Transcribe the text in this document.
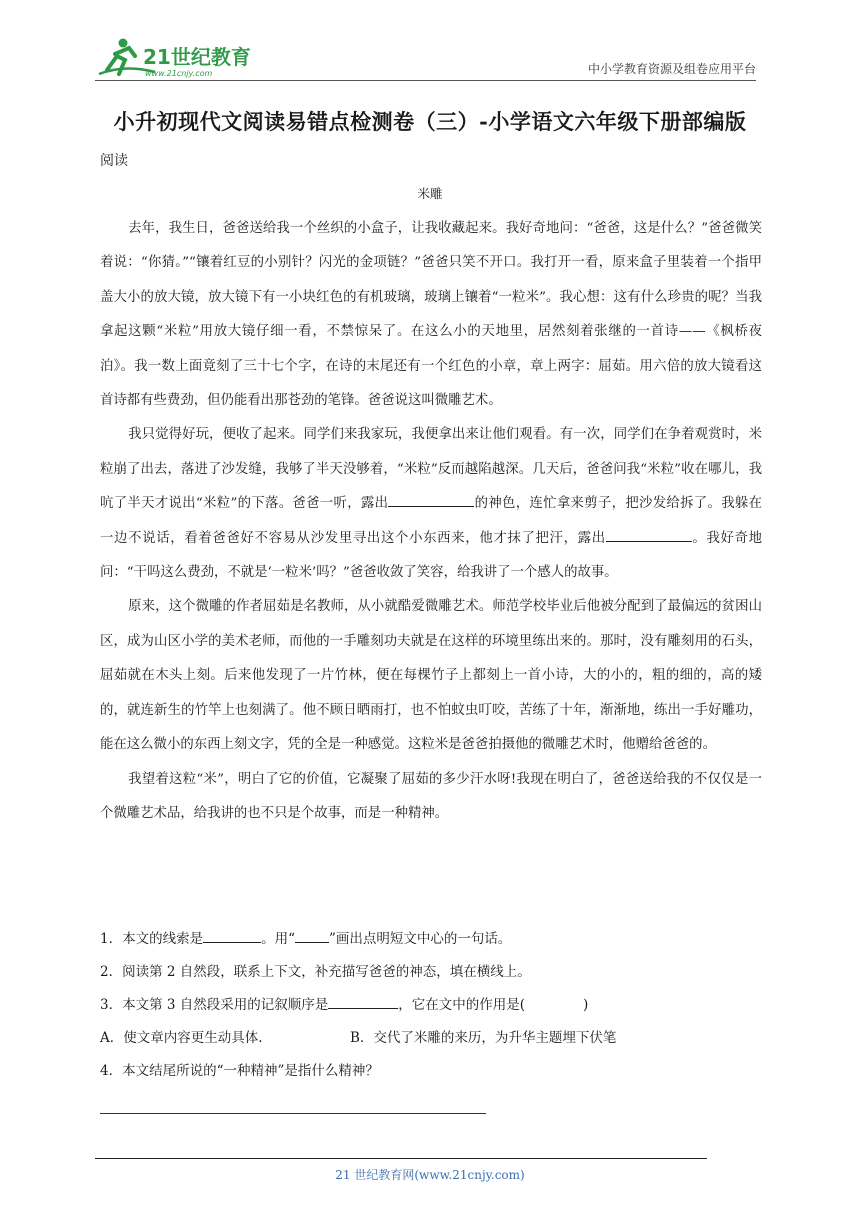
21世纪教育
www.21cnjy.com	中小学教育资源及组卷应用平台
小升初现代文阅读易错点检测卷（三）-小学语文六年级下册部编版
阅读
米雕

去年，我生日，爸爸送给我一个丝织的小盒子，让我收藏起来。我好奇地问：“爸爸，这是什么？”爸爸微笑着说：“你猜。”“镶着红豆的小别针？闪光的金项链？”爸爸只笑不开口。我打开一看，原来盒子里装着一个指甲盖大小的放大镜，放大镜下有一小块红色的有机玻璃，玻璃上镶着“一粒米”。我心想：这有什么珍贵的呢？当我拿起这颗“米粒”用放大镜仔细一看，不禁惊呆了。在这么小的天地里，居然刻着张继的一首诗——《枫桥夜泊》。我一数上面竟刻了三十七个字，在诗的末尾还有一个红色的小章，章上两字：屈茹。用六倍的放大镜看这首诗都有些费劲，但仍能看出那苍劲的笔锋。爸爸说这叫微雕艺术。

我只觉得好玩，便收了起来。同学们来我家玩，我便拿出来让他们观看。有一次，同学们在争着观赏时，米粒崩了出去，落进了沙发缝，我够了半天没够着，“米粒”反而越陷越深。几天后，爸爸问我“米粒”收在哪儿，我吭了半天才说出“米粒”的下落。爸爸一听，露出	的神色，连忙拿来剪子，把沙发给拆了。我躲在一边不说话，看着爸爸好不容易从沙发里寻出这个小东西来，他才抹了把汗，露出	。我好奇地问：“干吗这么费劲，不就是‘一粒米’吗？”爸爸收敛了笑容，给我讲了一个感人的故事。

原来，这个微雕的作者屈茹是名教师，从小就酷爱微雕艺术。师范学校毕业后他被分配到了最偏远的贫困山区，成为山区小学的美术老师，而他的一手雕刻功夫就是在这样的环境里练出来的。那时，没有雕刻用的石头，屈茹就在木头上刻。后来他发现了一片竹林，便在每棵竹子上都刻上一首小诗，大的小的，粗的细的，高的矮的，就连新生的竹竿上也刻满了。他不顾日晒雨打，也不怕蚊虫叮咬，苦练了十年，渐渐地，练出一手好雕功，能在这么微小的东西上刻文字，凭的全是一种感觉。这粒米是爸爸拍摄他的微雕艺术时，他赠给爸爸的。

我望着这粒“米”，明白了它的价值，它凝聚了屈茹的多少汗水呀!我现在明白了，爸爸送给我的不仅仅是一个微雕艺术品，给我讲的也不只是个故事，而是一种精神。

1．本文的线索是	。用“	”画出点明短文中心的一句话。
2．阅读第 2 自然段，联系上下文，补充描写爸爸的神态，填在横线上。
3．本文第 3 自然段采用的记叙顺序是	，它在文中的作用是(	)
A．使文章内容更生动具体.	B．交代了米雕的来历，为升华主题埋下伏笔
4．本文结尾所说的“一种精神”是指什么精神？
21 世纪教育网(www.21cnjy.com)
